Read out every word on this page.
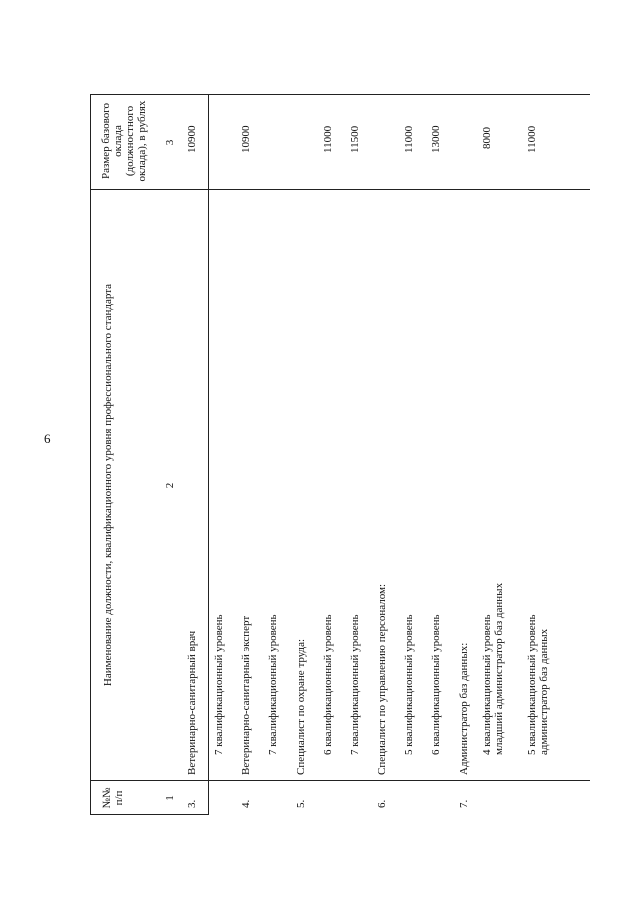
6
№№
п/п
Наименование должности, квалификационного уровня профессионального стандарта
Размер базового
оклада
(должностного
оклада), в рублях
1
2
3
3.
Ветеринарно-санитарный врач
10900
7 квалификационный уровень
4.
Ветеринарно-санитарный эксперт
10900
7 квалификационный уровень
5.
Специалист по охране труда: 6 квалификационный уровень
11000
7 квалификационный уровень
11500
6.
Специалист по управлению персоналом: 5 квалификационный уровень
11000
6 квалификационный уровень
13000
7.
Администратор баз данных: 4 квалификационный уровень
младший администратор баз данных
8000
5 квалификационный уровень
администратор баз данных
11000
